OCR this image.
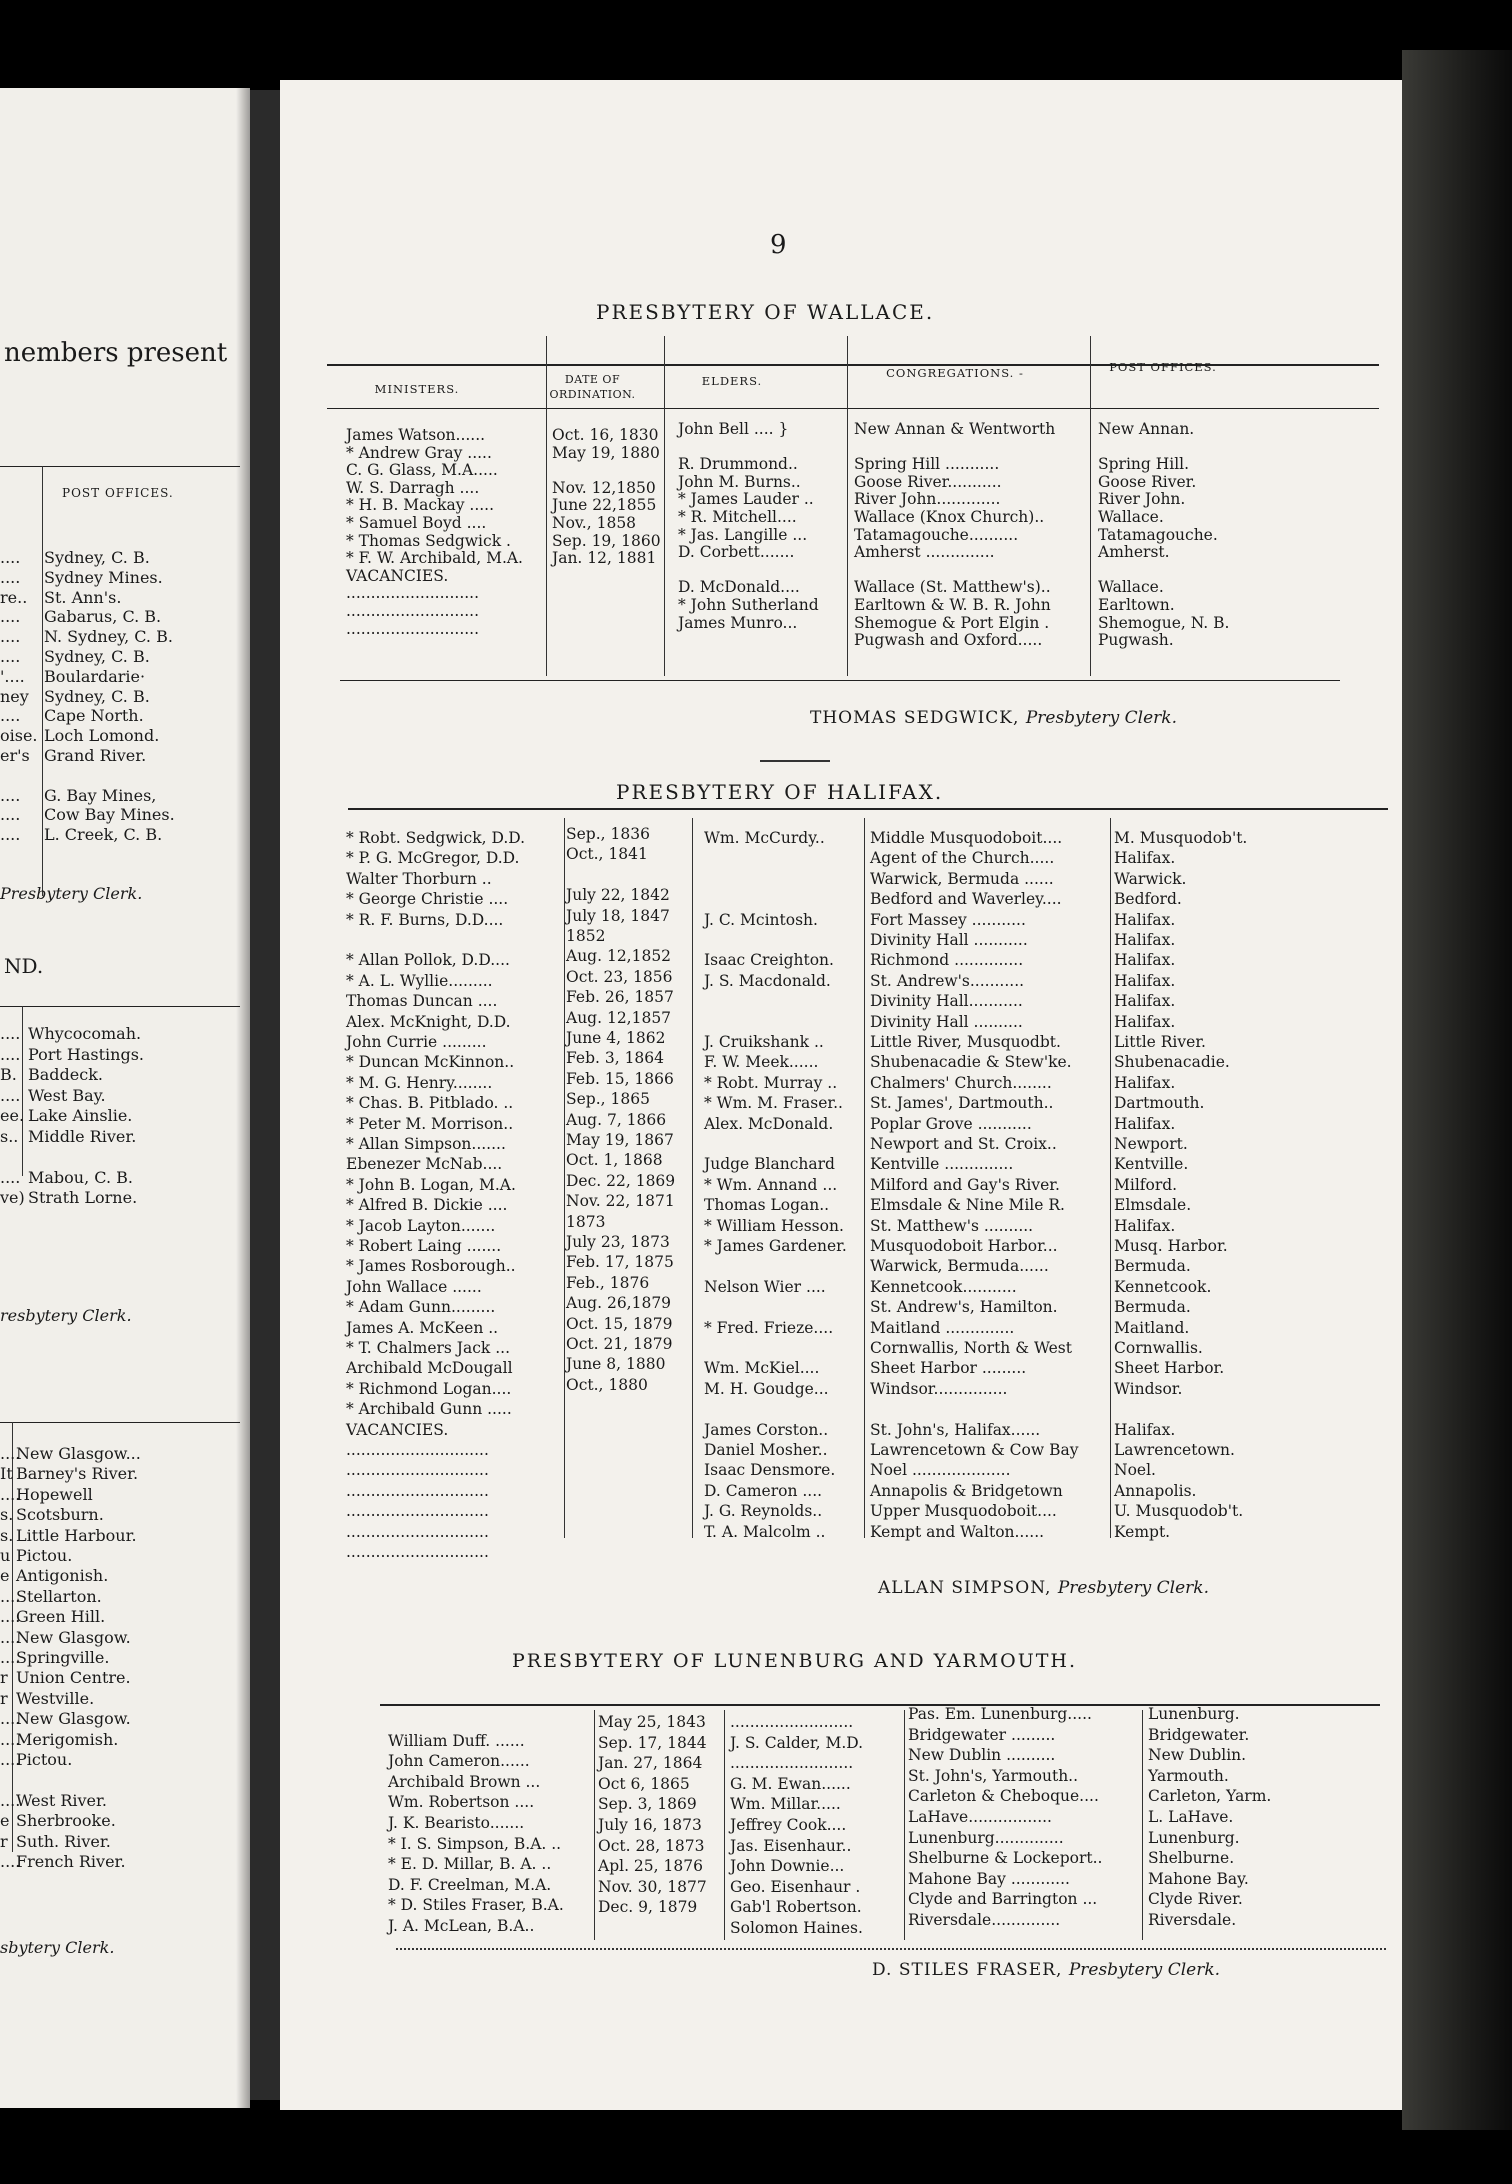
nembers present
POST OFFICES.
.... Sydney, C. B.
.... Sydney Mines.
re.. St. Ann's.
.... Gabarus, C. B.
.... N. Sydney, C. B.
.... Sydney, C. B.
'.... Boulardarie·
ney Sydney, C. B.
.... Cape North.
oise. Loch Lomond.
er's Grand River.
.... G. Bay Mines,
.... Cow Bay Mines.
.... L. Creek, C. B.
Presbytery Clerk.
ND.
.... Whycocomah.
.... Port Hastings.
B. Baddeck.
.... West Bay.
ee. Lake Ainslie.
s.. Middle River.
.... Mabou, C. B.
ve) Strath Lorne.
resbytery Clerk.
....
New Glasgow...
It Barney's River.
....
Hopewell
s. Scotsburn.
s. Little Harbour.
u Pictou.
e Antigonish.
....
Stellarton.
....
Green Hill.
....
New Glasgow.
....
Springville.
r Union Centre.
r Westville.
....
New Glasgow.
....
Merigomish.
....
Pictou.
....
West River.
e Sherbrooke.
r Suth. River.
....
French River.
sbytery Clerk.
9
PRESBYTERY OF WALLACE.
MINISTERS.
DATE OF ORDINATION.
ELDERS.
CONGREGATIONS. -	POST OFFICES.
James Watson......
* Andrew Gray .....
C. G. Glass, M.A.....
W. S. Darragh ....
* H. B. Mackay .....
* Samuel Boyd ....
* Thomas Sedgwick .
* F. W. Archibald, M.A.
VACANCIES.
...........................
...........................
...........................
Oct. 16, 1830
May 19, 1880
Nov. 12,1850
June 22,1855
Nov., 1858
Sep. 19, 1860
Jan. 12, 1881
John Bell .... }
R. Drummond..
John M. Burns..
* James Lauder ..
* R. Mitchell....
* Jas. Langille ...
D. Corbett.......
D. McDonald....
* John Sutherland
James Munro...
New Annan & Wentworth
Spring Hill ...........
Goose River...........
River John.............
Wallace (Knox Church)..
Tatamagouche..........
Amherst ..............
Wallace (St. Matthew's)..
Earltown & W. B. R. John
Shemogue & Port Elgin .
Pugwash and Oxford.....
New Annan.
Spring Hill.
Goose River.
River John.
Wallace.
Tatamagouche.
Amherst.
Wallace.
Earltown.
Shemogue, N. B.
Pugwash.
THOMAS SEDGWICK, Presbytery Clerk.
PRESBYTERY OF HALIFAX.
* Robt. Sedgwick, D.D.
* P. G. McGregor, D.D.
Walter Thorburn ..
* George Christie ....
* R. F. Burns, D.D....
* Allan Pollok, D.D....
* A. L. Wyllie.........
Thomas Duncan ....
Alex. McKnight, D.D.
John Currie .........
* Duncan McKinnon..
* M. G. Henry........
* Chas. B. Pitblado. ..
* Peter M. Morrison..
* Allan Simpson.......
Ebenezer McNab....
* John B. Logan, M.A.
* Alfred B. Dickie ....
* Jacob Layton.......
* Robert Laing .......
* James Rosborough..
John Wallace ......
* Adam Gunn.........
James A. McKeen ..
* T. Chalmers Jack ...
Archibald McDougall
* Richmond Logan....
* Archibald Gunn .....
VACANCIES.
.............................
.............................
.............................
.............................
.............................
.............................
Sep., 1836
Oct., 1841
July 22, 1842
July 18, 1847
1852
Aug. 12,1852
Oct. 23, 1856
Feb. 26, 1857
Aug. 12,1857
June 4, 1862
Feb. 3, 1864
Feb. 15, 1866
Sep., 1865
Aug. 7, 1866
May 19, 1867
Oct. 1, 1868
Dec. 22, 1869
Nov. 22, 1871
1873
July 23, 1873
Feb. 17, 1875
Feb., 1876
Aug. 26,1879
Oct. 15, 1879
Oct. 21, 1879
June 8, 1880
Oct., 1880
Wm. McCurdy..
J. C. Mcintosh.
Isaac Creighton.
J. S. Macdonald.
J. Cruikshank ..
F. W. Meek......
* Robt. Murray ..
* Wm. M. Fraser..
Alex. McDonald.
Judge Blanchard
* Wm. Annand ...
Thomas Logan..
* William Hesson.
* James Gardener.
Nelson Wier ....
* Fred. Frieze....
Wm. McKiel....
M. H. Goudge...
James Corston..
Daniel Mosher..
Isaac Densmore.
D. Cameron ....
J. G. Reynolds..
T. A. Malcolm ..
Middle Musquodoboit....
Agent of the Church.....
Warwick, Bermuda ......
Bedford and Waverley....
Fort Massey ...........
Divinity Hall ...........
Richmond ..............
St. Andrew's...........
Divinity Hall...........
Divinity Hall ..........
Little River, Musquodbt.
Shubenacadie & Stew'ke.
Chalmers' Church........
St. James', Dartmouth..
Poplar Grove ...........
Newport and St. Croix..
Kentville ..............
Milford and Gay's River.
Elmsdale & Nine Mile R.
St. Matthew's ..........
Musquodoboit Harbor...
Warwick, Bermuda......
Kennetcook...........
St. Andrew's, Hamilton.
Maitland ..............
Cornwallis, North & West
Sheet Harbor .........
Windsor...............
St. John's, Halifax......
Lawrencetown & Cow Bay
Noel ....................
Annapolis & Bridgetown
Upper Musquodoboit....
Kempt and Walton......
M. Musquodob't.
Halifax.
Warwick.
Bedford.
Halifax.
Halifax.
Halifax.
Halifax.
Halifax.
Halifax.
Little River.
Shubenacadie.
Halifax.
Dartmouth.
Halifax.
Newport.
Kentville.
Milford.
Elmsdale.
Halifax.
Musq. Harbor.
Bermuda.
Kennetcook.
Bermuda.
Maitland.
Cornwallis.
Sheet Harbor.
Windsor.
Halifax.
Lawrencetown.
Noel.
Annapolis.
U. Musquodob't.
Kempt.
ALLAN SIMPSON, Presbytery Clerk.
PRESBYTERY OF LUNENBURG AND YARMOUTH.
William Duff. ......
John Cameron......
Archibald Brown ...
Wm. Robertson ....
J. K. Bearisto.......
* I. S. Simpson, B.A. ..
* E. D. Millar, B. A. ..
D. F. Creelman, M.A.
* D. Stiles Fraser, B.A.
J. A. McLean, B.A..
May 25, 1843
Sep. 17, 1844
Jan. 27, 1864
Oct 6, 1865
Sep. 3, 1869
July 16, 1873
Oct. 28, 1873
Apl. 25, 1876
Nov. 30, 1877
Dec. 9, 1879
.........................
J. S. Calder, M.D.
.........................
G. M. Ewan......
Wm. Millar.....
Jeffrey Cook....
Jas. Eisenhaur..
John Downie...
Geo. Eisenhaur .
Gab'l Robertson.
Solomon Haines.
Pas. Em. Lunenburg.....
Bridgewater .........
New Dublin ..........
St. John's, Yarmouth..
Carleton & Cheboque....
LaHave.................
Lunenburg..............
Shelburne & Lockeport..
Mahone Bay ............
Clyde and Barrington ...
Riversdale..............
Lunenburg.
Bridgewater.
New Dublin.
Yarmouth.
Carleton, Yarm.
L. LaHave.
Lunenburg.
Shelburne.
Mahone Bay.
Clyde River.
Riversdale.
D. STILES FRASER, Presbytery Clerk.
